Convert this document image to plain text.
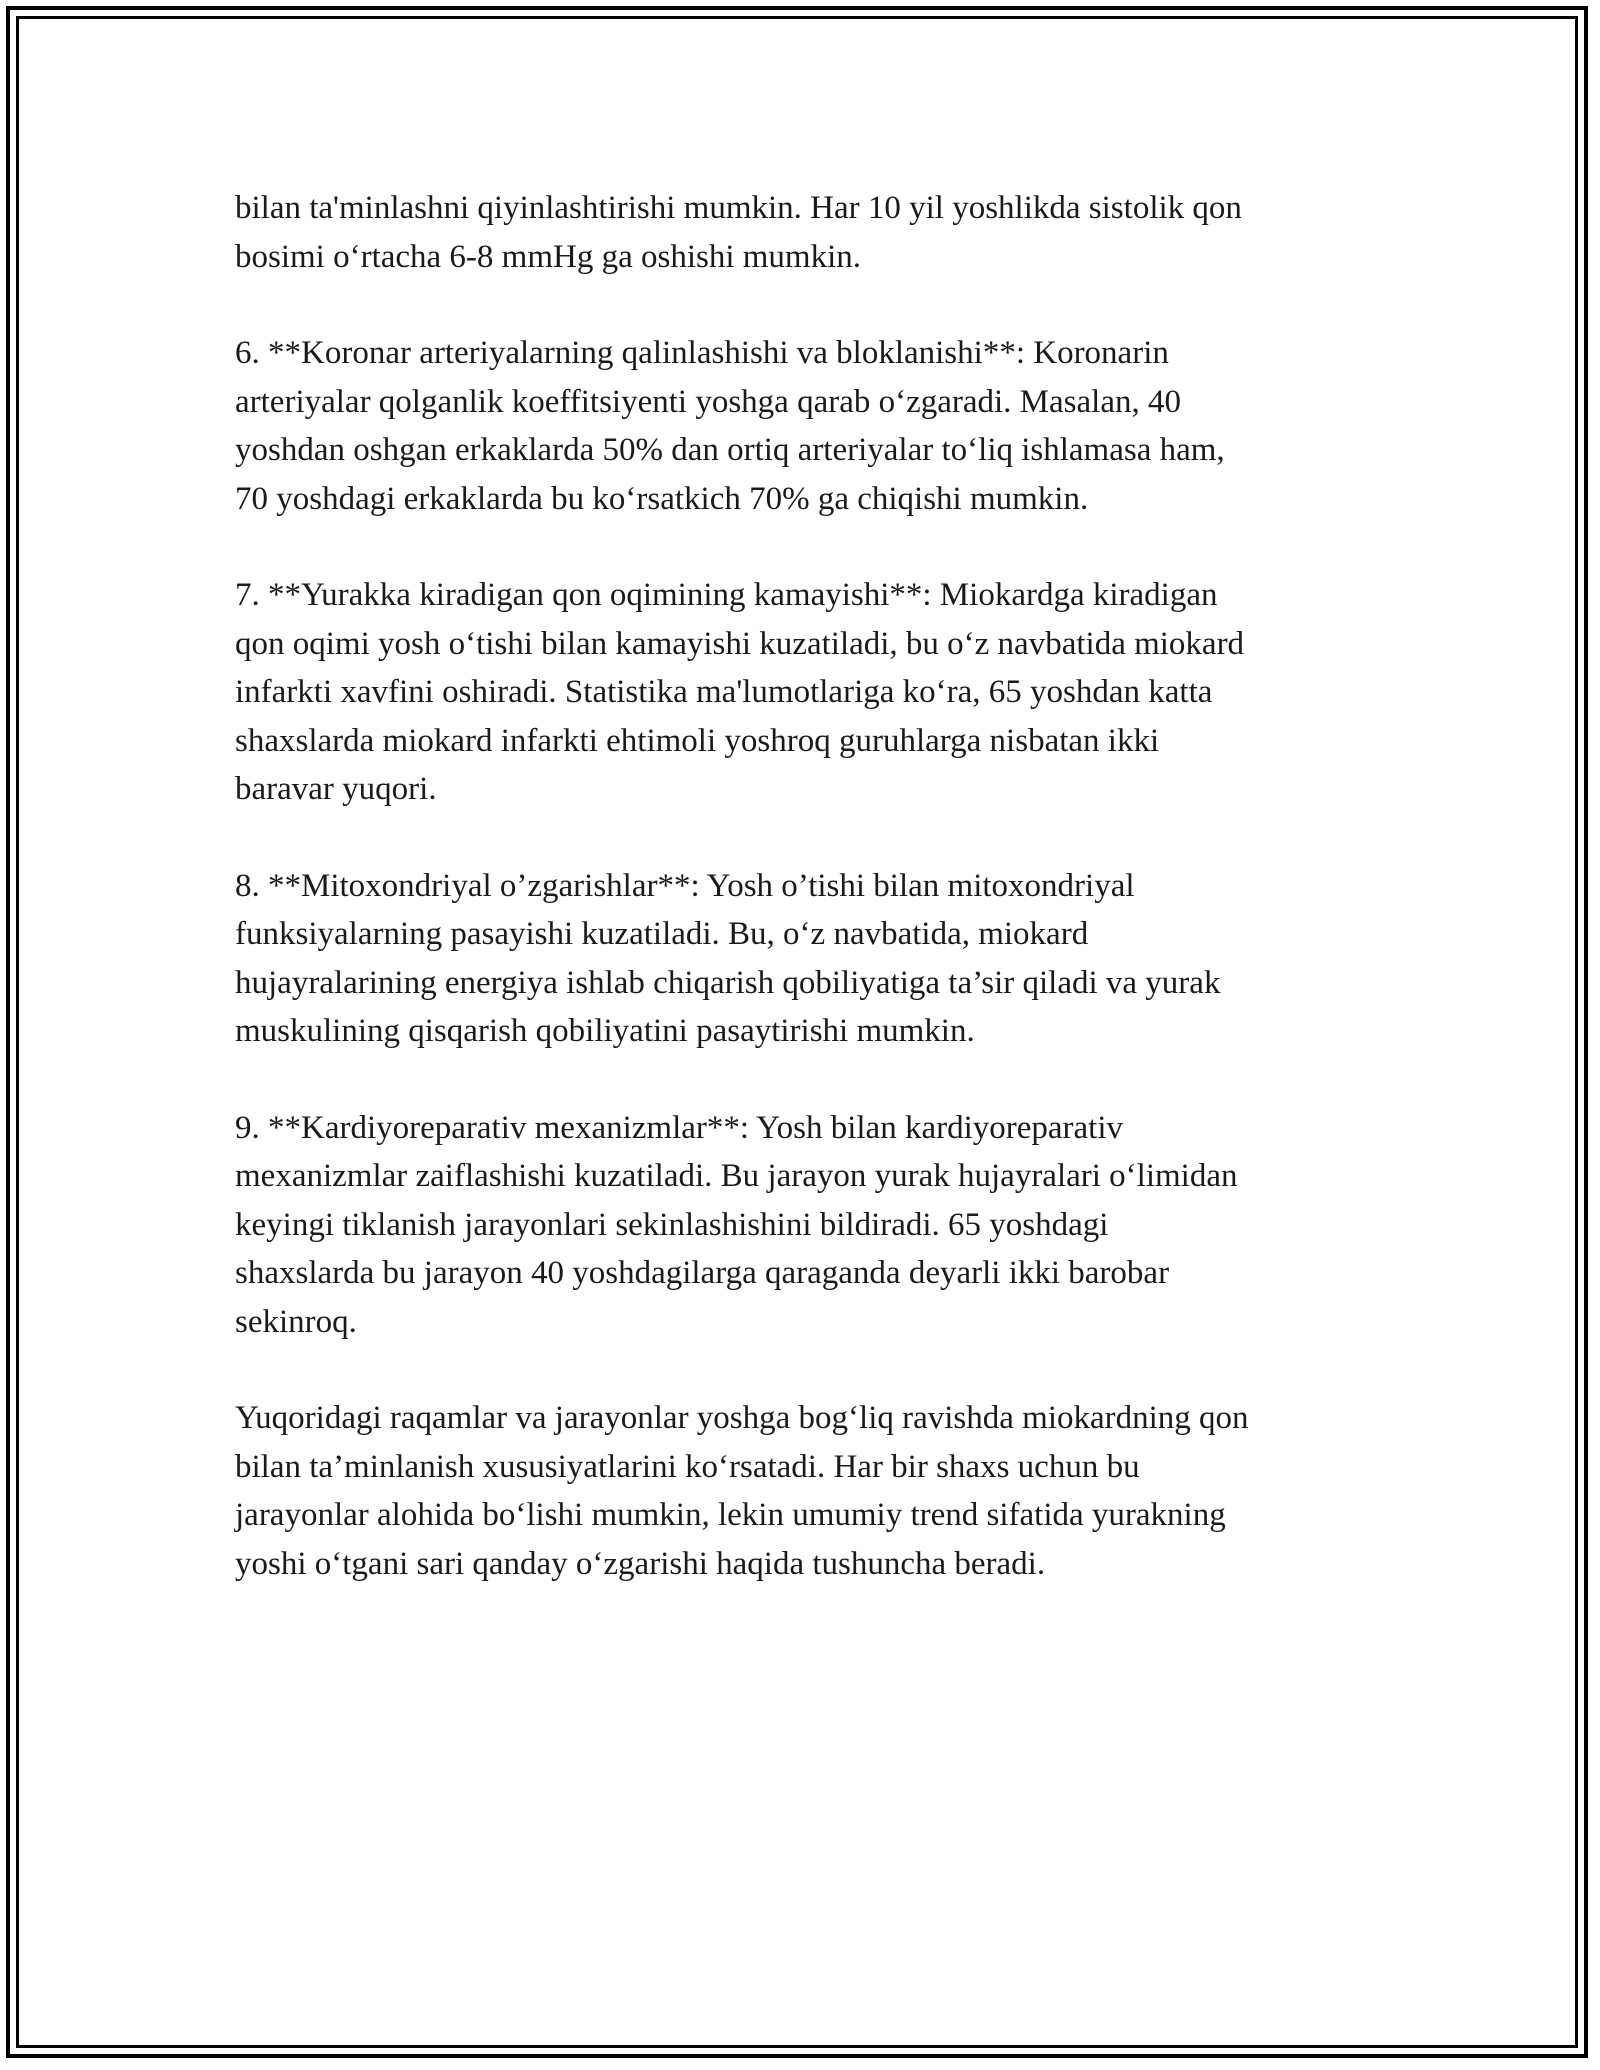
bilan ta'minlashni qiyinlashtirishi mumkin. Har 10 yil yoshlikda sistolik qon
bosimi o‘rtacha 6-8 mmHg ga oshishi mumkin.

6. **Koronar arteriyalarning qalinlashishi va bloklanishi**: Koronarin
arteriyalar qolganlik koeffitsiyenti yoshga qarab o‘zgaradi. Masalan, 40
yoshdan oshgan erkaklarda 50% dan ortiq arteriyalar to‘liq ishlamasa ham,
70 yoshdagi erkaklarda bu ko‘rsatkich 70% ga chiqishi mumkin.

7. **Yurakka kiradigan qon oqimining kamayishi**: Miokardga kiradigan
qon oqimi yosh o‘tishi bilan kamayishi kuzatiladi, bu o‘z navbatida miokard
infarkti xavfini oshiradi. Statistika ma'lumotlariga ko‘ra, 65 yoshdan katta
shaxslarda miokard infarkti ehtimoli yoshroq guruhlarga nisbatan ikki
baravar yuqori.

8. **Mitoxondriyal o’zgarishlar**: Yosh o’tishi bilan mitoxondriyal
funksiyalarning pasayishi kuzatiladi. Bu, o‘z navbatida, miokard
hujayralarining energiya ishlab chiqarish qobiliyatiga ta’sir qiladi va yurak
muskulining qisqarish qobiliyatini pasaytirishi mumkin.

9. **Kardiyoreparativ mexanizmlar**: Yosh bilan kardiyoreparativ
mexanizmlar zaiflashishi kuzatiladi. Bu jarayon yurak hujayralari o‘limidan
keyingi tiklanish jarayonlari sekinlashishini bildiradi. 65 yoshdagi
shaxslarda bu jarayon 40 yoshdagilarga qaraganda deyarli ikki barobar
sekinroq.

Yuqoridagi raqamlar va jarayonlar yoshga bog‘liq ravishda miokardning qon
bilan ta’minlanish xususiyatlarini ko‘rsatadi. Har bir shaxs uchun bu
jarayonlar alohida bo‘lishi mumkin, lekin umumiy trend sifatida yurakning
yoshi o‘tgani sari qanday o‘zgarishi haqida tushuncha beradi.
